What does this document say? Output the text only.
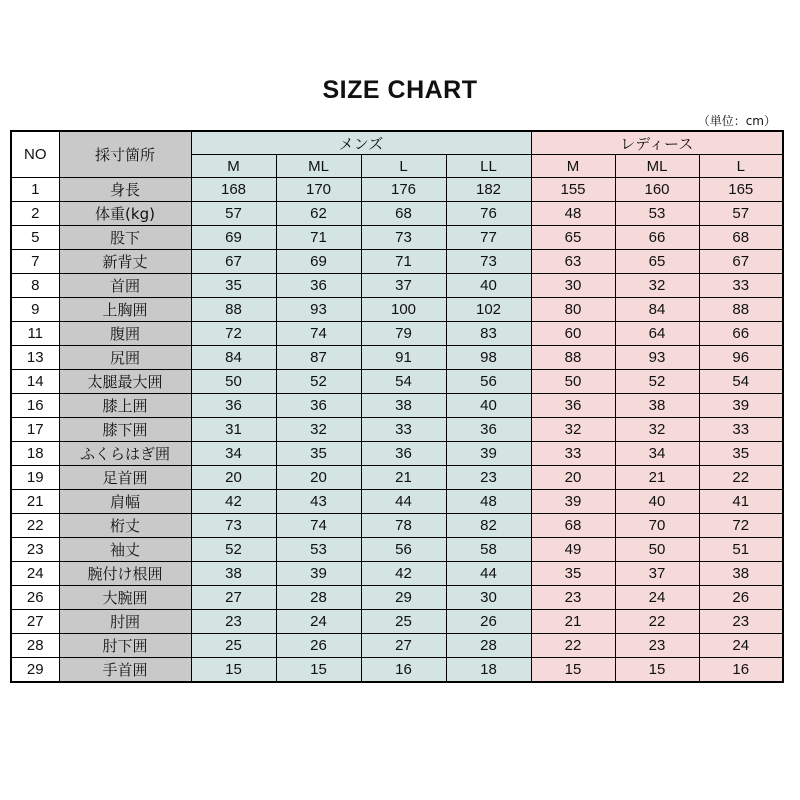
SIZE CHART
（単位：cm）
NO	採寸箇所	メンズ				レディース		
		M	ML	L	LL	M	ML	L
1	身長	168	170	176	182	155	160	165
2	体重(kg)	57	62	68	76	48	53	57
5	股下	69	71	73	77	65	66	68
7	新背丈	67	69	71	73	63	65	67
8	首囲	35	36	37	40	30	32	33
9	上胸囲	88	93	100	102	80	84	88
11	腹囲	72	74	79	83	60	64	66
13	尻囲	84	87	91	98	88	93	96
14	太腿最大囲	50	52	54	56	50	52	54
16	膝上囲	36	36	38	40	36	38	39
17	膝下囲	31	32	33	36	32	32	33
18	ふくらはぎ囲	34	35	36	39	33	34	35
19	足首囲	20	20	21	23	20	21	22
21	肩幅	42	43	44	48	39	40	41
22	桁丈	73	74	78	82	68	70	72
23	袖丈	52	53	56	58	49	50	51
24	腕付け根囲	38	39	42	44	35	37	38
26	大腕囲	27	28	29	30	23	24	26
27	肘囲	23	24	25	26	21	22	23
28	肘下囲	25	26	27	28	22	23	24
29	手首囲	15	15	16	18	15	15	16
